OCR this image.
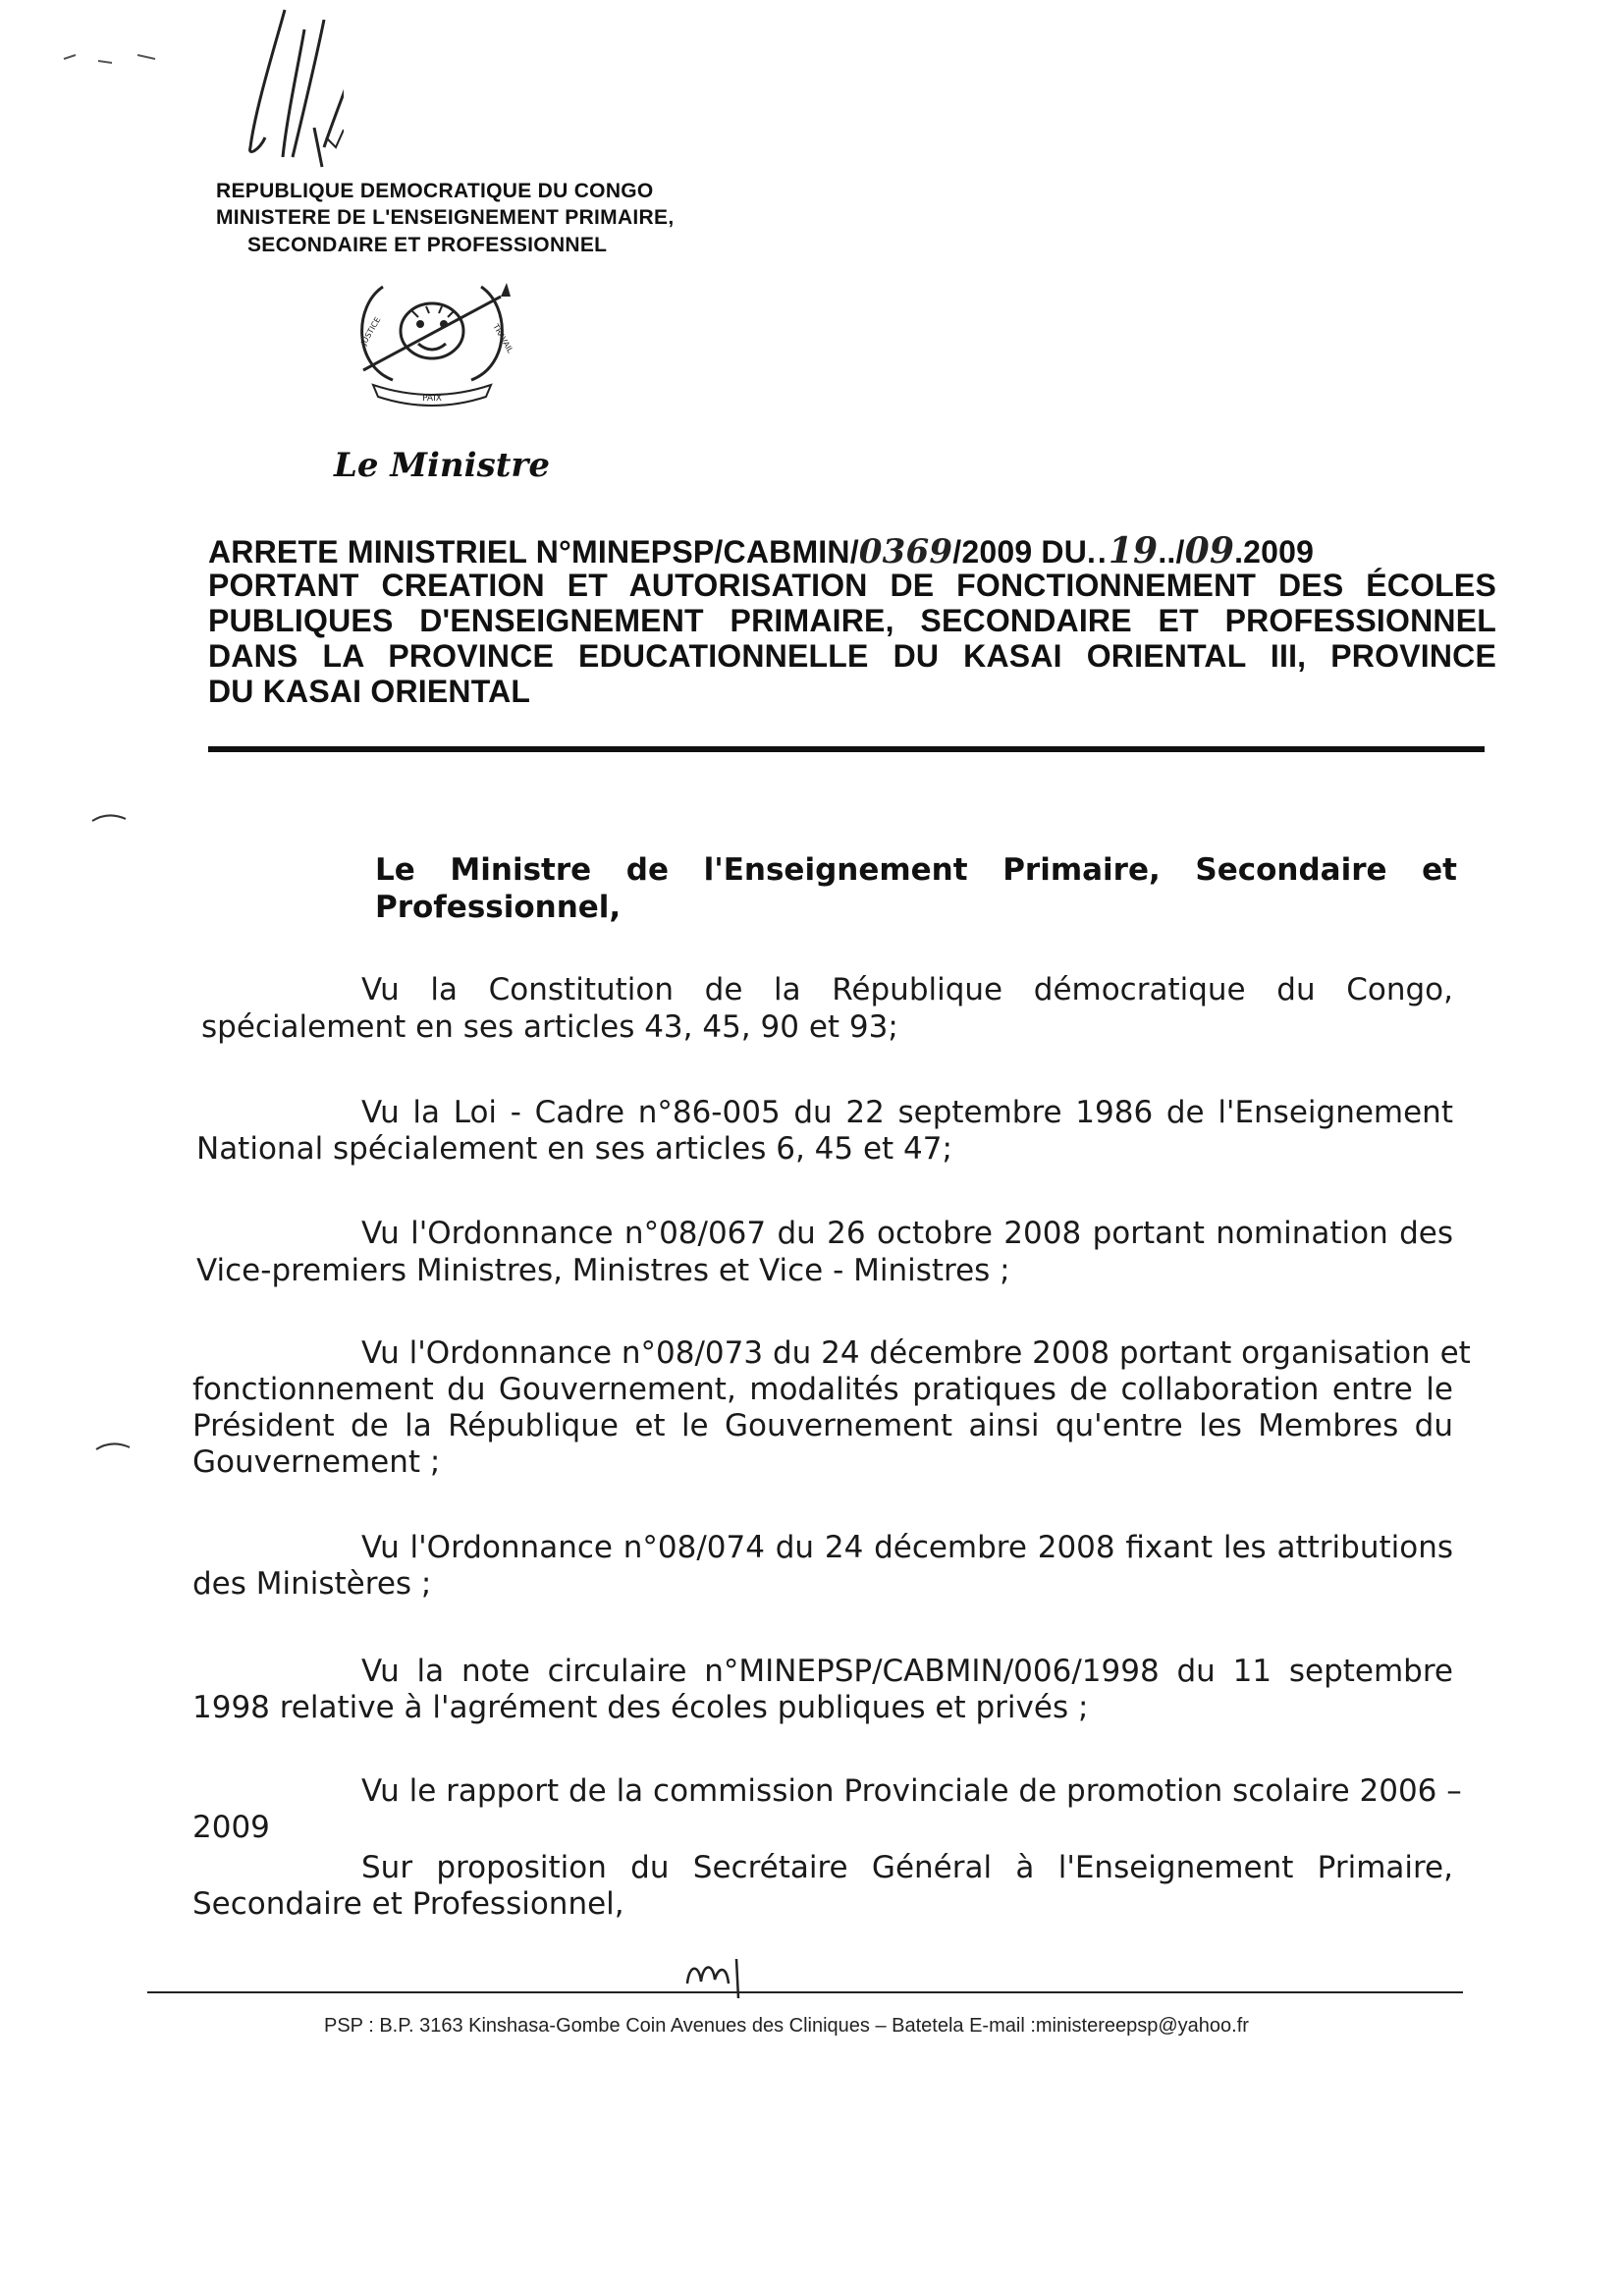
REPUBLIQUE DEMOCRATIQUE DU CONGO
MINISTERE DE L'ENSEIGNEMENT PRIMAIRE,
SECONDAIRE ET PROFESSIONNEL
PAIX
JUSTICE	TRAVAIL
Le Ministre
ARRETE MINISTRIEL N°MINEPSP/CABMIN/0369/2009 DU..19../09.2009
PORTANT CREATION ET AUTORISATION DE FONCTIONNEMENT DES ÉCOLES
PUBLIQUES D'ENSEIGNEMENT PRIMAIRE, SECONDAIRE ET PROFESSIONNEL
DANS LA PROVINCE EDUCATIONNELLE DU KASAI ORIENTAL III, PROVINCE
DU KASAI ORIENTAL
Le Ministre de l'Enseignement Primaire, Secondaire et
Professionnel,
Vu la Constitution de la République démocratique du Congo,
spécialement en ses articles 43, 45, 90 et 93;
Vu la Loi - Cadre n°86-005 du 22 septembre 1986 de l'Enseignement
National spécialement en ses articles 6, 45 et 47;
Vu l'Ordonnance n°08/067 du 26 octobre 2008 portant nomination des
Vice-premiers Ministres, Ministres et Vice - Ministres ;
Vu l'Ordonnance n°08/073 du 24 décembre 2008 portant organisation et
fonctionnement du Gouvernement, modalités pratiques de collaboration entre le
Président de la République et le Gouvernement ainsi qu'entre les Membres du
Gouvernement ;
Vu l'Ordonnance n°08/074 du 24 décembre 2008 fixant les attributions
des Ministères ;
Vu la note circulaire n°MINEPSP/CABMIN/006/1998 du 11 septembre
1998 relative à l'agrément des écoles publiques et privés ;
Vu le rapport de la commission Provinciale de promotion scolaire 2006 –
2009
Sur proposition du Secrétaire Général à l'Enseignement Primaire,
Secondaire et Professionnel,
PSP : B.P. 3163 Kinshasa-Gombe Coin Avenues des Cliniques – Batetela E-mail :ministereepsp@yahoo.fr
